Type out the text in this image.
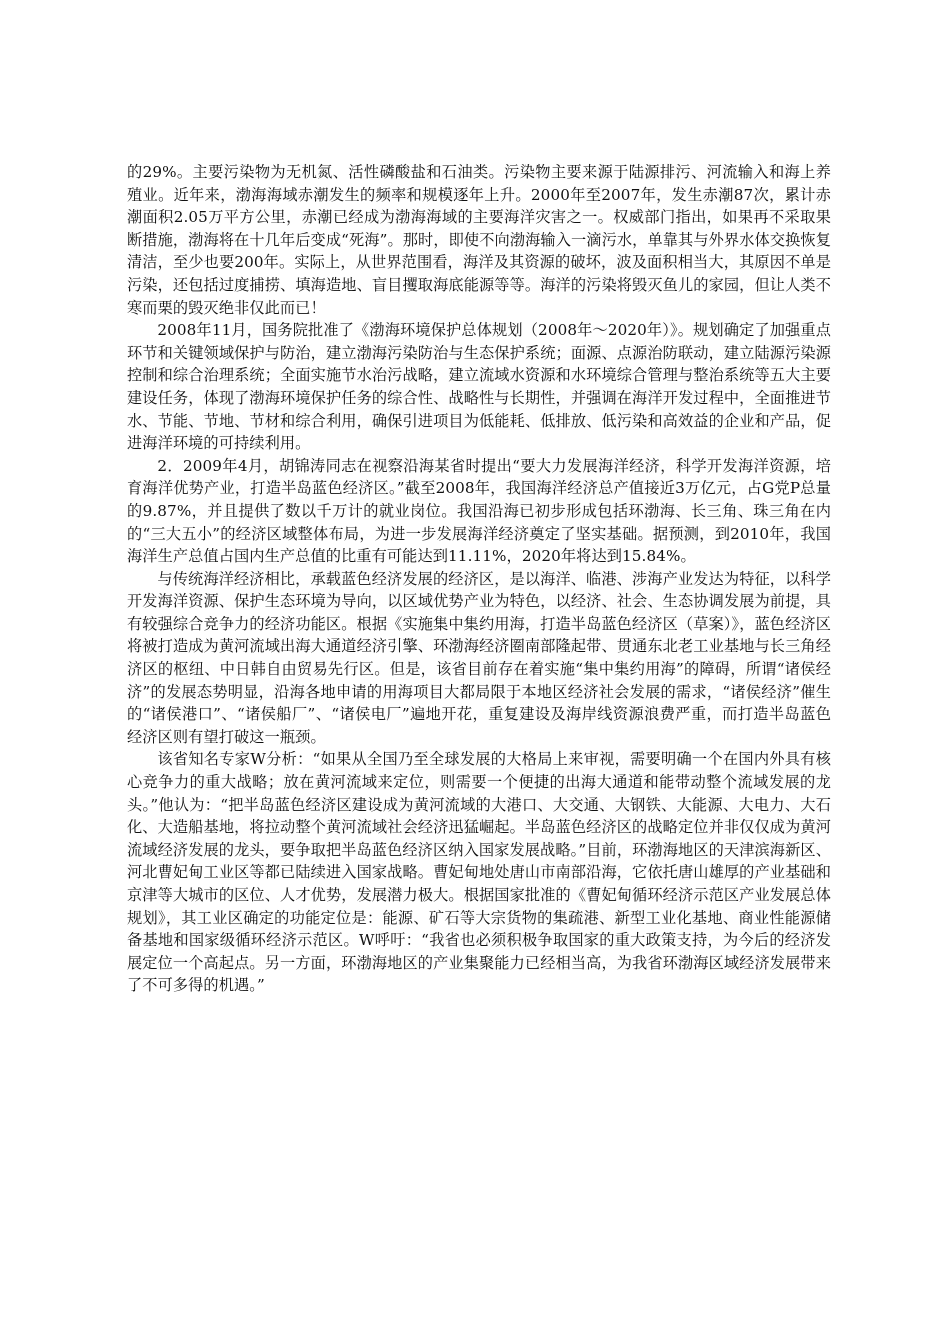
的29%。主要污染物为无机氮、活性磷酸盐和石油类。污染物主要来源于陆源排污、河流输入和海上养殖业。近年来，渤海海域赤潮发生的频率和规模逐年上升。2000年至2007年，发生赤潮87次，累计赤潮面积2.05万平方公里，赤潮已经成为渤海海域的主要海洋灾害之一。权威部门指出，如果再不采取果断措施，渤海将在十几年后变成“死海”。那时，即使不向渤海输入一滴污水，单靠其与外界水体交换恢复清洁，至少也要200年。实际上，从世界范围看，海洋及其资源的破坏，波及面积相当大，其原因不单是污染，还包括过度捕捞、填海造地、盲目攫取海底能源等等。海洋的污染将毁灭鱼儿的家园，但让人类不寒而栗的毁灭绝非仅此而已！

2008年11月，国务院批准了《渤海环境保护总体规划（2008年～2020年）》。规划确定了加强重点环节和关键领域保护与防治，建立渤海污染防治与生态保护系统；面源、点源治防联动，建立陆源污染源控制和综合治理系统；全面实施节水治污战略，建立流域水资源和水环境综合管理与整治系统等五大主要建设任务，体现了渤海环境保护任务的综合性、战略性与长期性，并强调在海洋开发过程中，全面推进节水、节能、节地、节材和综合利用，确保引进项目为低能耗、低排放、低污染和高效益的企业和产品，促进海洋环境的可持续利用。

2．2009年4月，胡锦涛同志在视察沿海某省时提出“要大力发展海洋经济，科学开发海洋资源，培育海洋优势产业，打造半岛蓝色经济区。”截至2008年，我国海洋经济总产值接近3万亿元，占G党P总量的9.87%，并且提供了数以千万计的就业岗位。我国沿海已初步形成包括环渤海、长三角、珠三角在内的“三大五小”的经济区域整体布局，为进一步发展海洋经济奠定了坚实基础。据预测，到2010年，我国海洋生产总值占国内生产总值的比重有可能达到11.11%，2020年将达到15.84%。

与传统海洋经济相比，承载蓝色经济发展的经济区，是以海洋、临港、涉海产业发达为特征，以科学开发海洋资源、保护生态环境为导向，以区域优势产业为特色，以经济、社会、生态协调发展为前提，具有较强综合竞争力的经济功能区。根据《实施集中集约用海，打造半岛蓝色经济区（草案）》，蓝色经济区将被打造成为黄河流域出海大通道经济引擎、环渤海经济圈南部隆起带、贯通东北老工业基地与长三角经济区的枢纽、中日韩自由贸易先行区。但是，该省目前存在着实施“集中集约用海”的障碍，所谓“诸侯经济”的发展态势明显，沿海各地申请的用海项目大都局限于本地区经济社会发展的需求，“诸侯经济”催生的“诸侯港口”、“诸侯船厂”、“诸侯电厂”遍地开花，重复建设及海岸线资源浪费严重，而打造半岛蓝色经济区则有望打破这一瓶颈。

该省知名专家W分析：“如果从全国乃至全球发展的大格局上来审视，需要明确一个在国内外具有核心竞争力的重大战略；放在黄河流域来定位，则需要一个便捷的出海大通道和能带动整个流域发展的龙头。”他认为：“把半岛蓝色经济区建设成为黄河流域的大港口、大交通、大钢铁、大能源、大电力、大石化、大造船基地，将拉动整个黄河流域社会经济迅猛崛起。半岛蓝色经济区的战略定位并非仅仅成为黄河流域经济发展的龙头，要争取把半岛蓝色经济区纳入国家发展战略。”目前，环渤海地区的天津滨海新区、河北曹妃甸工业区等都已陆续进入国家战略。曹妃甸地处唐山市南部沿海，它依托唐山雄厚的产业基础和京津等大城市的区位、人才优势，发展潜力极大。根据国家批准的《曹妃甸循环经济示范区产业发展总体规划》，其工业区确定的功能定位是：能源、矿石等大宗货物的集疏港、新型工业化基地、商业性能源储备基地和国家级循环经济示范区。W呼吁：“我省也必须积极争取国家的重大政策支持，为今后的经济发展定位一个高起点。另一方面，环渤海地区的产业集聚能力已经相当高，为我省环渤海区域经济发展带来了不可多得的机遇。”
